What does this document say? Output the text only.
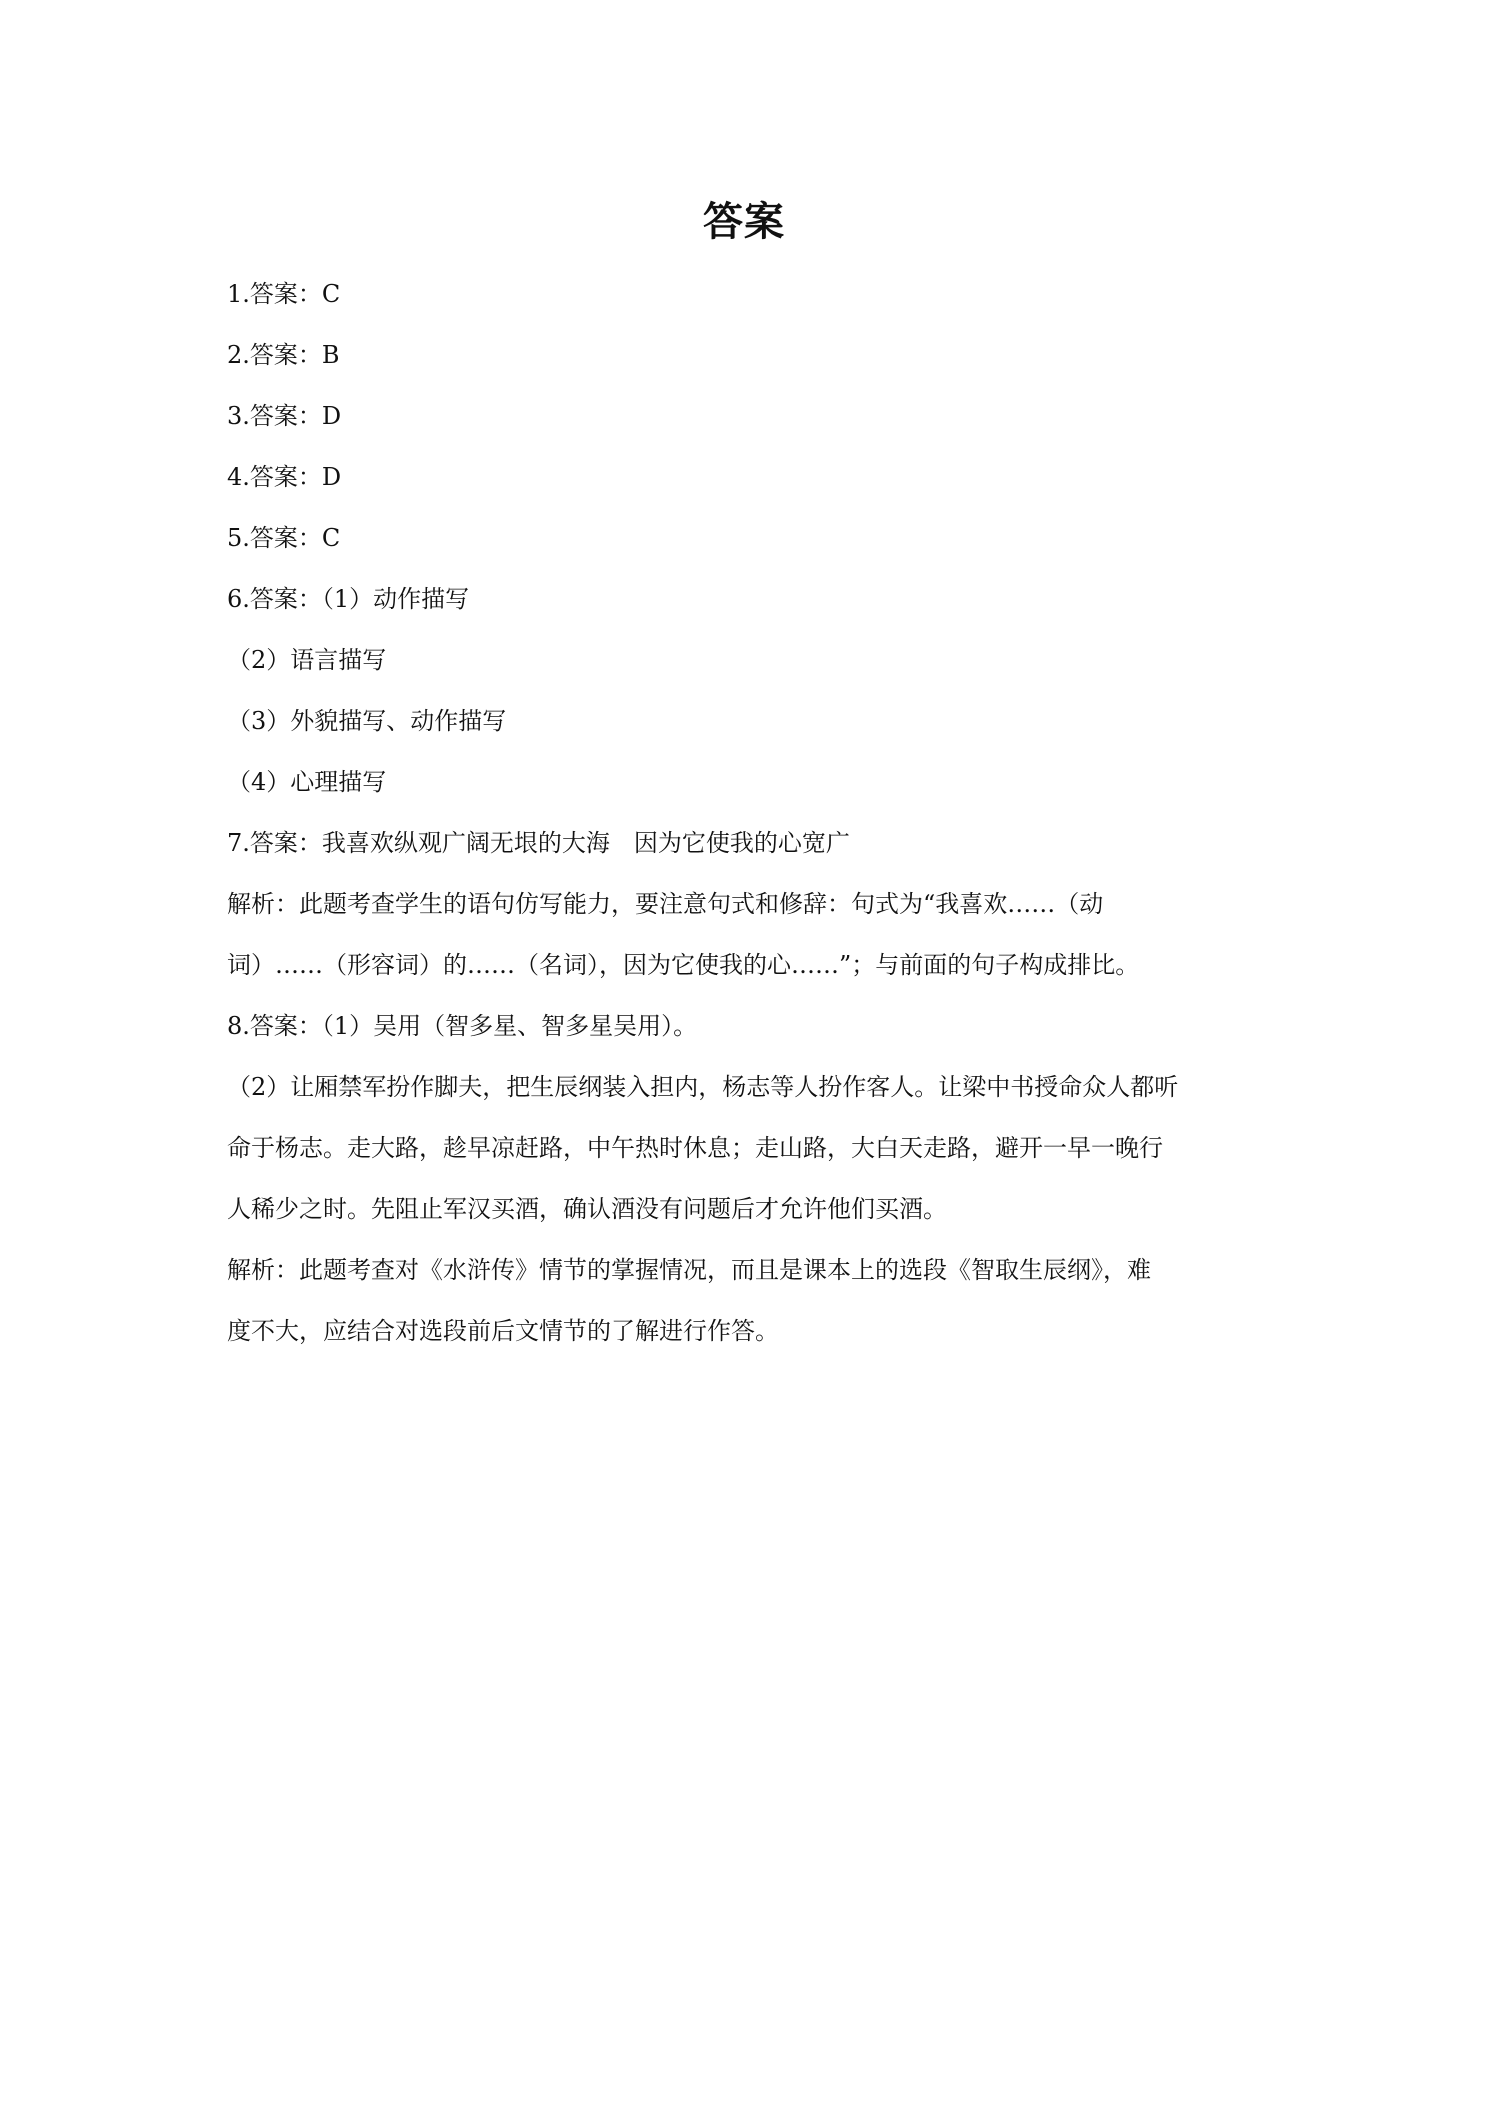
答案
1.答案：C
2.答案：B
3.答案：D
4.答案：D
5.答案：C
6.答案：（1）动作描写
（2）语言描写
（3）外貌描写、动作描写
（4）心理描写
7.答案：我喜欢纵观广阔无垠的大海　因为它使我的心宽广
解析：此题考查学生的语句仿写能力，要注意句式和修辞：句式为“我喜欢……（动
词）……（形容词）的……（名词），因为它使我的心……”；与前面的句子构成排比。
8.答案：（1）吴用（智多星、智多星吴用）。
（2）让厢禁军扮作脚夫，把生辰纲装入担内，杨志等人扮作客人。让梁中书授命众人都听
命于杨志。走大路，趁早凉赶路，中午热时休息；走山路，大白天走路，避开一早一晚行
人稀少之时。先阻止军汉买酒，确认酒没有问题后才允许他们买酒。
解析：此题考查对《水浒传》情节的掌握情况，而且是课本上的选段《智取生辰纲》，难
度不大，应结合对选段前后文情节的了解进行作答。
